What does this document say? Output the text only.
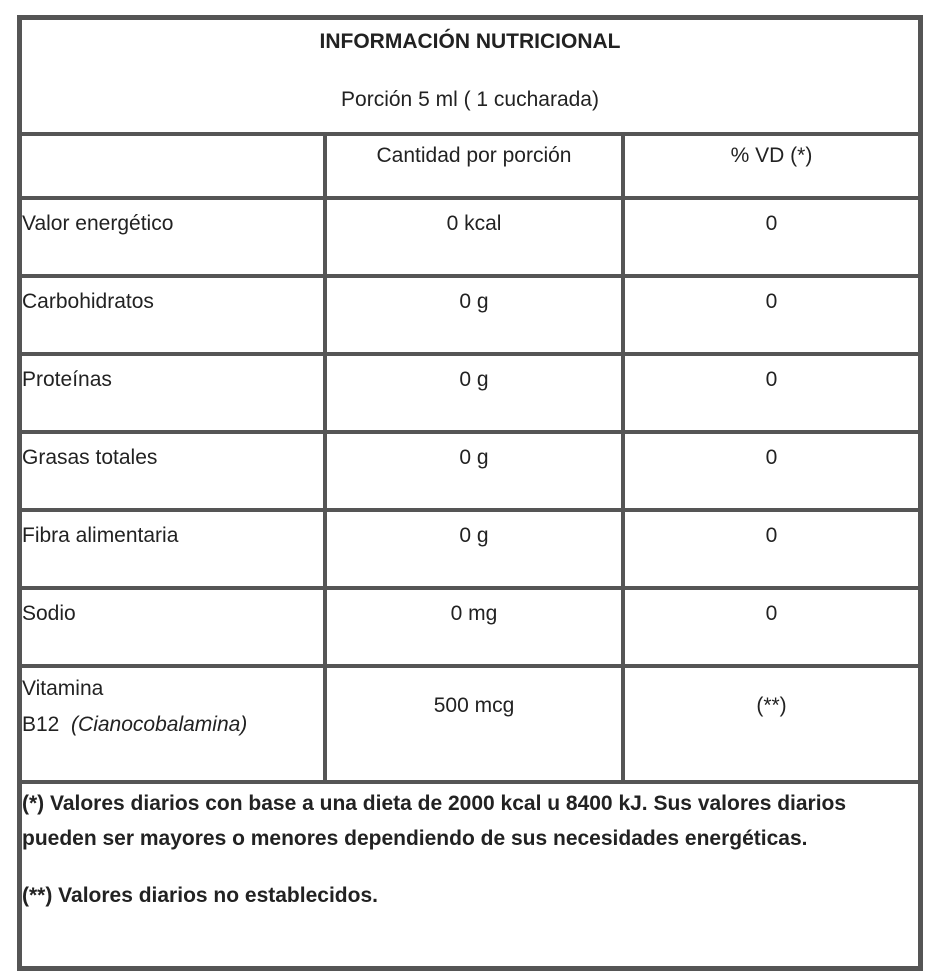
INFORMACIÓN NUTRICIONAL
Porción 5 ml ( 1 cucharada)		

	Cantidad por porción	% VD (*)
Valor energético	0 kcal	0
Carbohidratos	0 g	0
Proteínas	0 g	0
Grasas totales	0 g	0
Fibra alimentaria	0 g	0
Sodio	0 mg	0
Vitamina
B12 (Cianocobalamina)	500 mcg	(**)

(*) Valores diarios con base a una dieta de 2000 kcal u 8400 kJ. Sus valores diarios pueden ser mayores o menores dependiendo de sus necesidades energéticas.
(**) Valores diarios no establecidos.		
